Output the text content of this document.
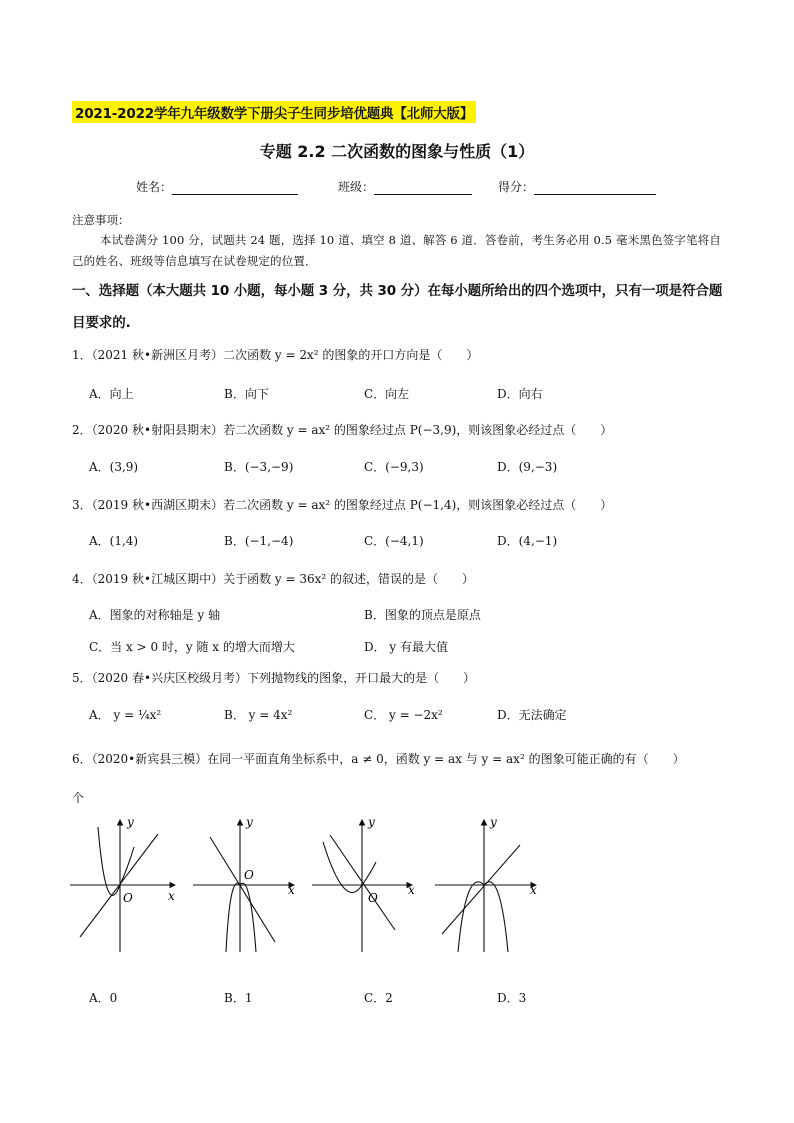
2021-2022学年九年级数学下册尖子生同步培优题典【北师大版】
专题 2.2 二次函数的图象与性质（1）
姓名：	班级：	得分：
注意事项：
本试卷满分 100 分，试题共 24 题，选择 10 道、填空 8 道、解答 6 道．答卷前，考生务必用 0.5 毫米黑色签字笔将自己的姓名、班级等信息填写在试卷规定的位置．
一、选择题（本大题共 10 小题，每小题 3 分，共 30 分）在每小题所给出的四个选项中，只有一项是符合题目要求的.
1．（2021 秋•新洲区月考）二次函数 y = 2x² 的图象的开口方向是（　　）
A．向上	B．向下	C．向左	D．向右
2．（2020 秋•射阳县期末）若二次函数 y = ax² 的图象经过点 P(−3,9)，则该图象必经过点（　　）
A．(3,9)	B．(−3,−9)	C．(−9,3)	D．(9,−3)
3．（2019 秋•西湖区期末）若二次函数 y = ax² 的图象经过点 P(−1,4)，则该图象必经过点（　　）
A．(1,4)	B．(−1,−4)	C．(−4,1)	D．(4,−1)
4．（2019 秋•江城区期中）关于函数 y = 36x² 的叙述，错误的是（　　）
A．图象的对称轴是 y 轴	B．图象的顶点是原点
C．当 x > 0 时，y 随 x 的增大而增大	D． y 有最大值
5．（2020 春•兴庆区校级月考）下列抛物线的图象，开口最大的是（　　）
A． y = ¼x²	B． y = 4x²	C． y = −2x²	D．无法确定
6．（2020•新宾县三模）在同一平面直角坐标系中，a ≠ 0，函数 y = ax 与 y = ax² 的图象可能正确的有（　　）
个
y
x
O
y
x
O
y
x
O
y
x
A．0	B．1	C．2	D．3
